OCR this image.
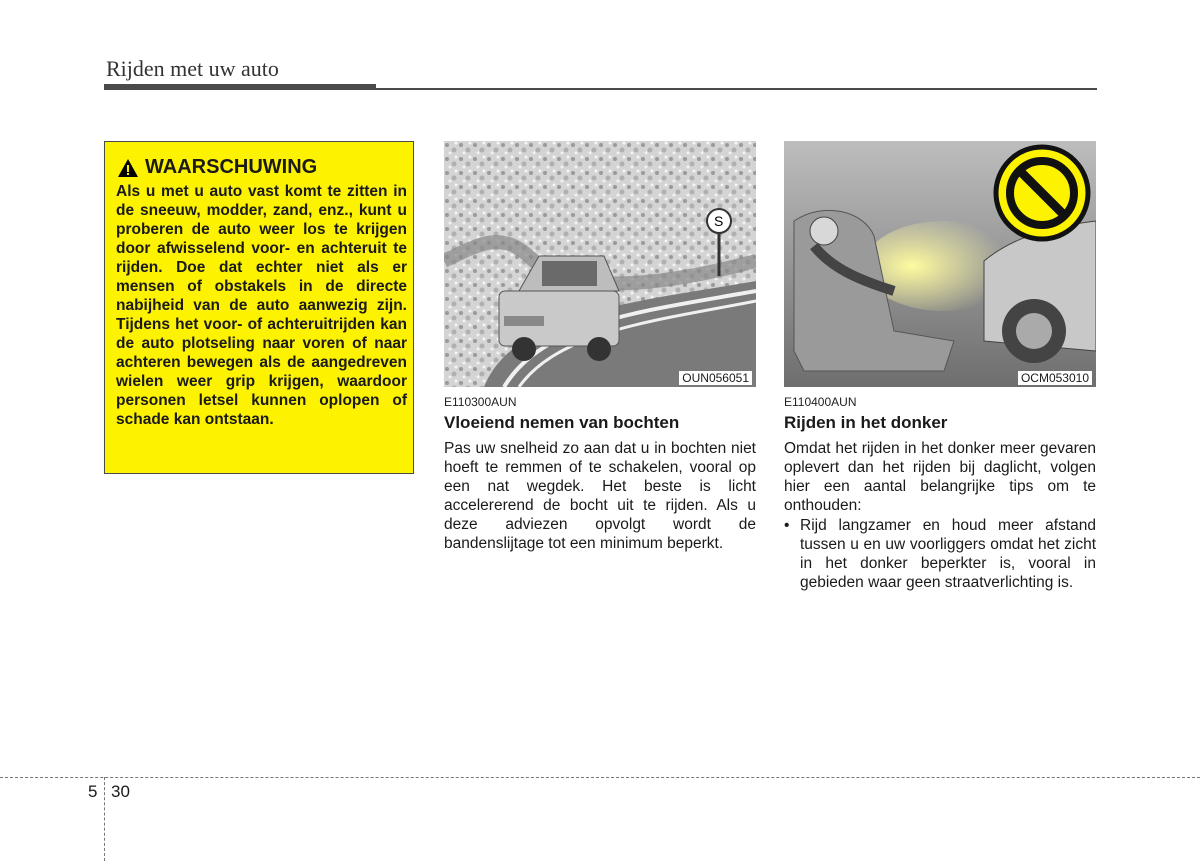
Rijden met uw auto
WAARSCHUWING
Als u met u auto vast komt te zitten in de sneeuw, modder, zand, enz., kunt u proberen de auto weer los te krijgen door afwisselend voor- en achteruit te rijden. Doe dat echter niet als er mensen of obstakels in de directe nabijheid van de auto aanwezig zijn. Tijdens het voor- of achteruitrijden kan de auto plotseling naar voren of naar achteren bewegen als de aangedreven wielen weer grip krijgen, waardoor personen letsel kunnen oplopen of schade kan ontstaan.
S
OUN056051	OCM053010
E110300AUN
Vloeiend nemen van bochten
Pas uw snelheid zo aan dat u in bochten niet hoeft te remmen of te schakelen, vooral op een nat wegdek. Het beste is licht accelererend de bocht uit te rijden. Als u deze adviezen opvolgt wordt de bandenslijtage tot een minimum beperkt.
E110400AUN
Rijden in het donker
Omdat het rijden in het donker meer gevaren oplevert dan het rijden bij daglicht, volgen hier een aantal belangrijke tips om te onthouden:
• Rijd langzamer en houd meer afstand tussen u en uw voorliggers omdat het zicht in het donker beperkter is, vooral in gebieden waar geen straatverlichting is.
5 30
